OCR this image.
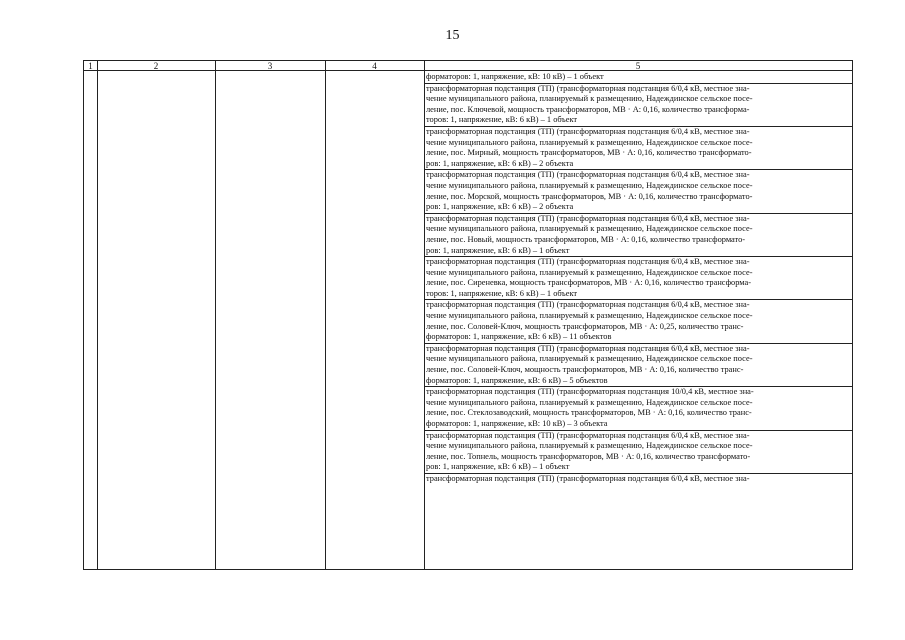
15
1	2	3	4	5
форматоров: 1, напряжение, кВ: 10 кВ) – 1 объект
трансформаторная подстанция (ТП) (трансформаторная подстанция 6/0,4 кВ, местное зна-
чение муниципального района, планируемый к размещению, Надеждинское сельское посе-
ление, пос. Ключевой, мощность трансформаторов, МВ · А: 0,16, количество трансформа-
торов: 1, напряжение, кВ: 6 кВ) – 1 объект
трансформаторная подстанция (ТП) (трансформаторная подстанция 6/0,4 кВ, местное зна-
чение муниципального района, планируемый к размещению, Надеждинское сельское посе-
ление, пос. Мирный, мощность трансформаторов, МВ · А: 0,16, количество трансформато-
ров: 1, напряжение, кВ: 6 кВ) – 2 объекта
трансформаторная подстанция (ТП) (трансформаторная подстанция 6/0,4 кВ, местное зна-
чение муниципального района, планируемый к размещению, Надеждинское сельское посе-
ление, пос. Морской, мощность трансформаторов, МВ · А: 0,16, количество трансформато-
ров: 1, напряжение, кВ: 6 кВ) – 2 объекта
трансформаторная подстанция (ТП) (трансформаторная подстанция 6/0,4 кВ, местное зна-
чение муниципального района, планируемый к размещению, Надеждинское сельское посе-
ление, пос. Новый, мощность трансформаторов, МВ · А: 0,16, количество трансформато-
ров: 1, напряжение, кВ: 6 кВ) – 1 объект
трансформаторная подстанция (ТП) (трансформаторная подстанция 6/0,4 кВ, местное зна-
чение муниципального района, планируемый к размещению, Надеждинское сельское посе-
ление, пос. Сиреневка, мощность трансформаторов, МВ · А: 0,16, количество трансформа-
торов: 1, напряжение, кВ: 6 кВ) – 1 объект
трансформаторная подстанция (ТП) (трансформаторная подстанция 6/0,4 кВ, местное зна-
чение муниципального района, планируемый к размещению, Надеждинское сельское посе-
ление, пос. Соловей-Ключ, мощность трансформаторов, МВ · А: 0,25, количество транс-
форматоров: 1, напряжение, кВ: 6 кВ) – 11 объектов
трансформаторная подстанция (ТП) (трансформаторная подстанция 6/0,4 кВ, местное зна-
чение муниципального района, планируемый к размещению, Надеждинское сельское посе-
ление, пос. Соловей-Ключ, мощность трансформаторов, МВ · А: 0,16, количество транс-
форматоров: 1, напряжение, кВ: 6 кВ) – 5 объектов
трансформаторная подстанция (ТП) (трансформаторная подстанция 10/0,4 кВ, местное зна-
чение муниципального района, планируемый к размещению, Надеждинское сельское посе-
ление, пос. Стеклозаводский, мощность трансформаторов, МВ · А: 0,16, количество транс-
форматоров: 1, напряжение, кВ: 10 кВ) – 3 объекта
трансформаторная подстанция (ТП) (трансформаторная подстанция 6/0,4 кВ, местное зна-
чение муниципального района, планируемый к размещению, Надеждинское сельское посе-
ление, пос. Топнель, мощность трансформаторов, МВ · А: 0,16, количество трансформато-
ров: 1, напряжение, кВ: 6 кВ) – 1 объект
трансформаторная подстанция (ТП) (трансформаторная подстанция 6/0,4 кВ, местное зна-
